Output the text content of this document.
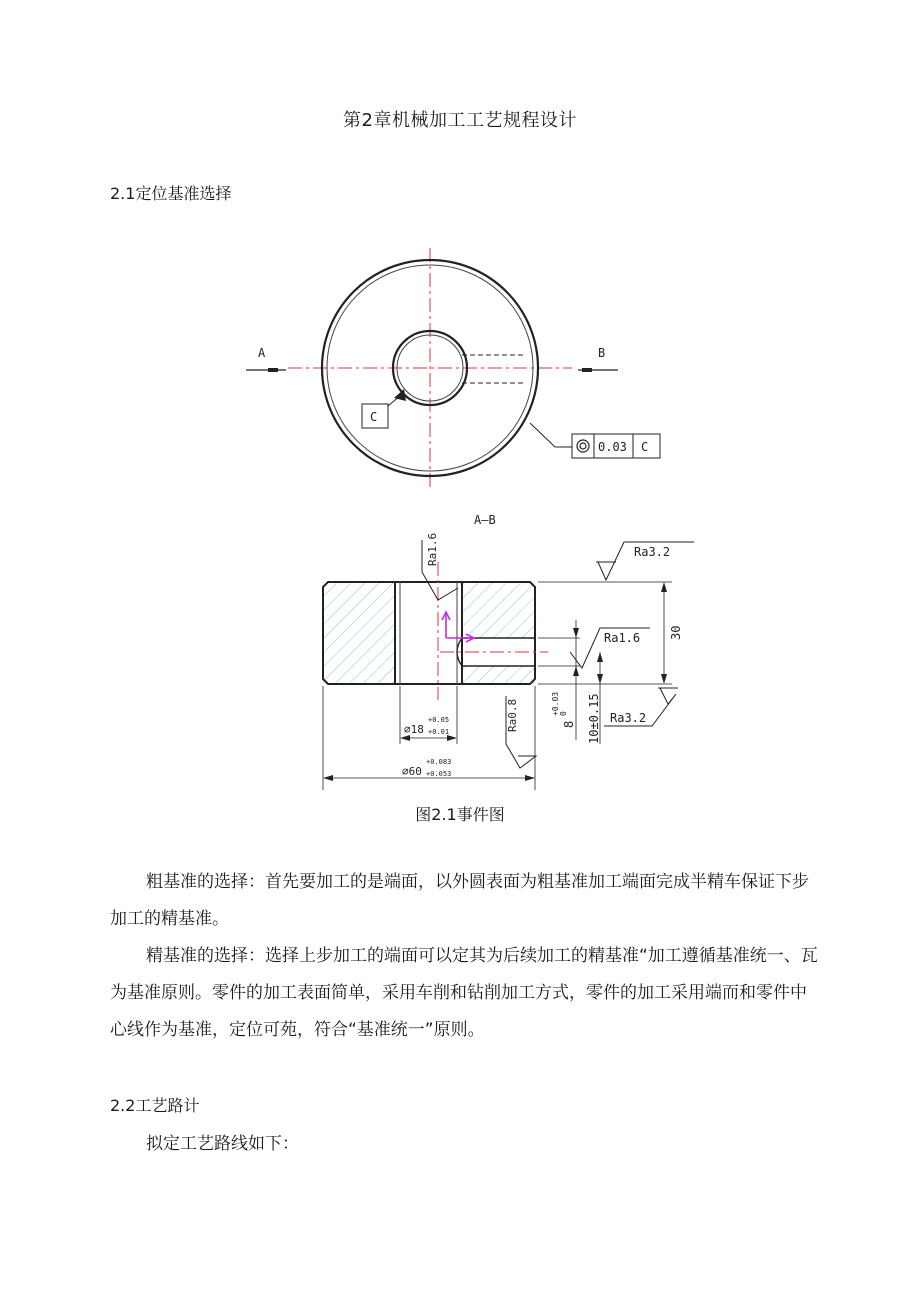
第2章机械加工工艺规程设计
2.1定位基准选择
A	B
C
0.03 C
A—B
Ra1.6	Ra3.2
30
Ra1.6
8
+0.03 0 10±0.15 Ra3.2
Ra0.8
⌀18
+0.05
+0.01
⌀60
+0.083
+0.053
图2.1事件图

粗基准的选择：首先要加工的是端面，以外圆表面为粗基准加工端面完成半精车保证下步加工的精基准。

精基准的选择：选择上步加工的端面可以定其为后续加工的精基准“加工遵循基准统一、瓦为基准原则。零件的加工表面简单，采用车削和钻削加工方式，零件的加工采用端而和零件中心线作为基准，定位可苑，符合“基准统一”原则。

2.2工艺路计

拟定工艺路线如下：
